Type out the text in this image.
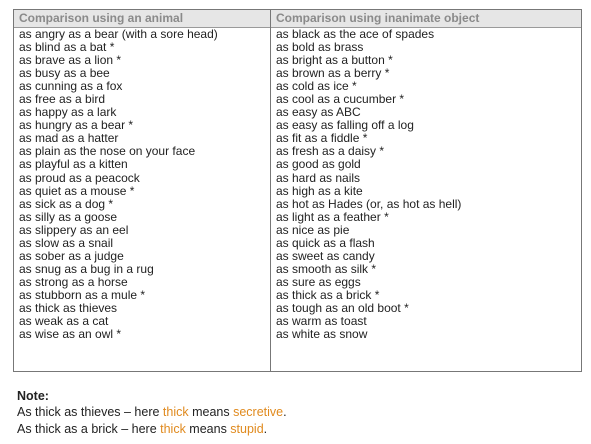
Comparison using an animal	Comparison using inanimate object
as angry as a bear (with a sore head)
as blind as a bat *
as brave as a lion *
as busy as a bee
as cunning as a fox
as free as a bird
as happy as a lark
as hungry as a bear *
as mad as a hatter
as plain as the nose on your face
as playful as a kitten
as proud as a peacock
as quiet as a mouse *
as sick as a dog *
as silly as a goose
as slippery as an eel
as slow as a snail
as sober as a judge
as snug as a bug in a rug
as strong as a horse
as stubborn as a mule *
as thick as thieves
as weak as a cat
as wise as an owl *
as black as the ace of spades
as bold as brass
as bright as a button *
as brown as a berry *
as cold as ice *
as cool as a cucumber *
as easy as ABC
as easy as falling off a log
as fit as a fiddle *
as fresh as a daisy *
as good as gold
as hard as nails
as high as a kite
as hot as Hades (or, as hot as hell)
as light as a feather *
as nice as pie
as quick as a flash
as sweet as candy
as smooth as silk *
as sure as eggs
as thick as a brick *
as tough as an old boot *
as warm as toast
as white as snow
Note:
As thick as thieves – here thick means secretive.
As thick as a brick – here thick means stupid.
